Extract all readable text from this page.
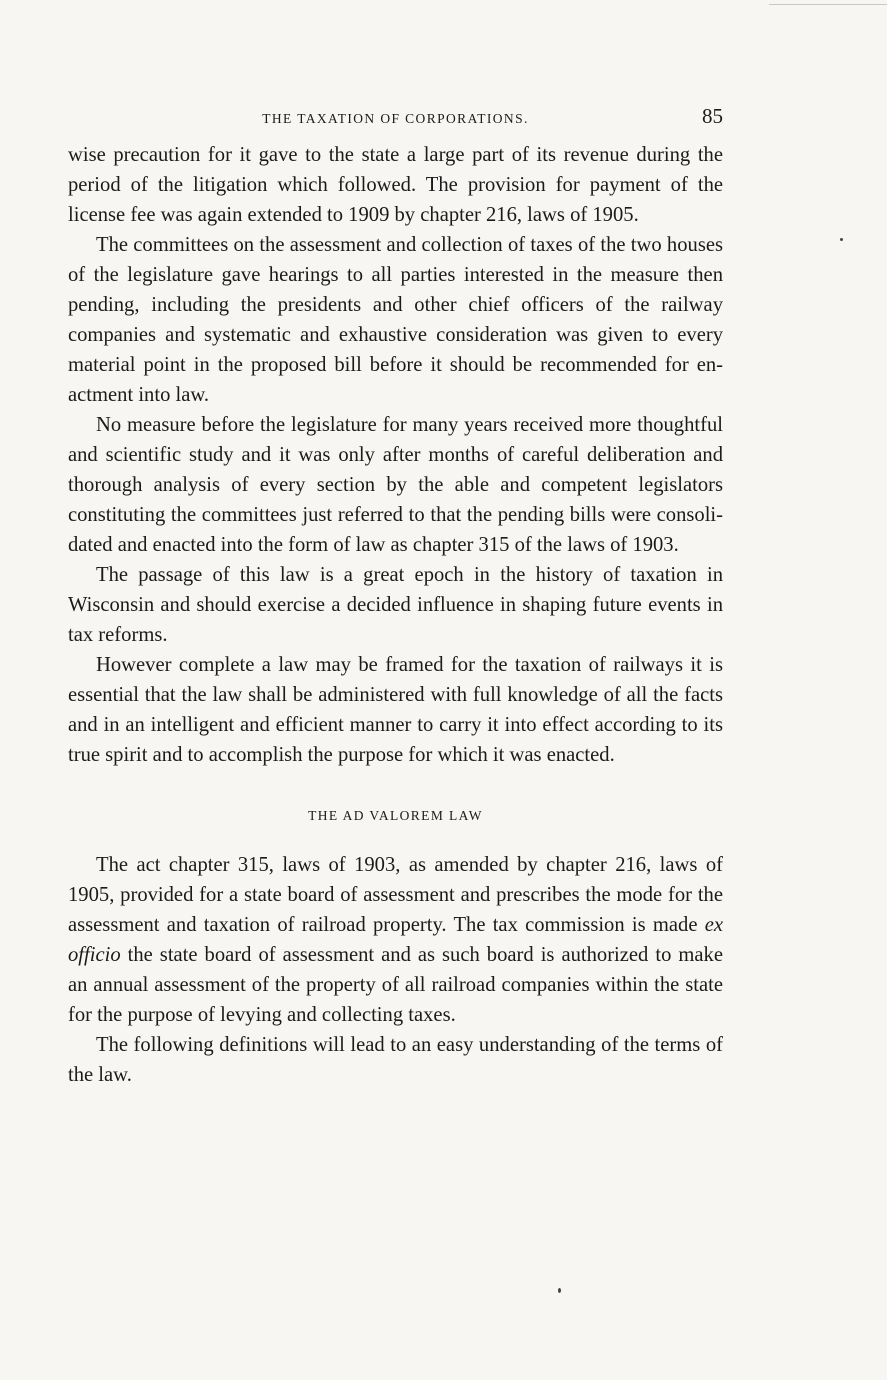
THE TAXATION OF CORPORATIONS.	85

wise precaution for it gave to the state a large part of its revenue during the period of the litigation which followed. The provision for payment of the license fee was again extended to 1909 by chapter 216, laws of 1905.

The committees on the assessment and collection of taxes of the two houses of the legislature gave hearings to all parties interested in the measure then pending, including the presidents and other chief officers of the railway companies and systematic and exhaustive consideration was given to every material point in the proposed bill before it should be recommended for enactment into law.

No measure before the legislature for many years received more thoughtful and scientific study and it was only after months of careful deliberation and thorough analysis of every section by the able and competent legislators constituting the committees just referred to that the pending bills were consolidated and enacted into the form of law as chapter 315 of the laws of 1903.

The passage of this law is a great epoch in the history of taxation in Wisconsin and should exercise a decided influence in shaping future events in tax reforms.

However complete a law may be framed for the taxation of railways it is essential that the law shall be administered with full knowledge of all the facts and in an intelligent and efficient manner to carry it into effect according to its true spirit and to accomplish the purpose for which it was enacted.

THE AD VALOREM LAW

The act chapter 315, laws of 1903, as amended by chapter 216, laws of 1905, provided for a state board of assessment and prescribes the mode for the assessment and taxation of railroad property. The tax commission is made ex officio the state board of assessment and as such board is authorized to make an annual assessment of the property of all railroad companies within the state for the purpose of levying and collecting taxes.

The following definitions will lead to an easy understanding of the terms of the law.
